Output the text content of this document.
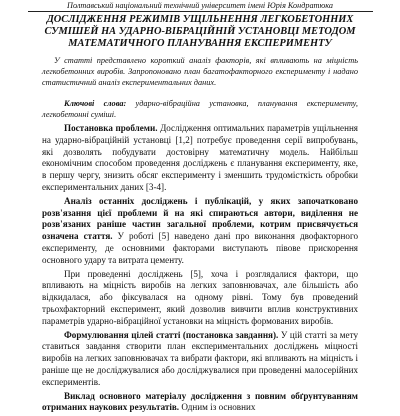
Полтавський національний технічний університет імені Юрія Кондратюка
ДОСЛІДЖЕННЯ РЕЖИМІВ УЩІЛЬНЕННЯ ЛЕГКОБЕТОННИХ СУМІШЕЙ НА УДАРНО-ВІБРАЦІЙНІЙ УСТАНОВЦІ МЕТОДОМ МАТЕМАТИЧНОГО ПЛАНУВАННЯ ЕКСПЕРИМЕНТУ
У статті представлено короткий аналіз факторів, які впливають на міцність легкобетонних виробів. Запропоновано план багатофакторного експерименту і надано статистичний аналіз експериментальних даних.
Ключові слова: ударно-вібраційна установка, планування експерименту, легкобетонні суміші.

Постановка проблеми. Дослідження оптимальних параметрів ущільнення на ударно-вібраційній установці [1,2] потребує проведення серії випробувань, які дозволять побудувати достовірну математичну модель. Найбільш економічним способом проведення досліджень є планування експерименту, яке, в першу чергу, знизить обсяг експерименту і зменшить трудомісткість обробки експериментальних даних [3-4].

Аналіз останніх досліджень і публікацій, у яких започатковано розв'язання цієї проблеми й на які спираються автори, виділення не розв'язаних раніше частин загальної проблеми, котрим присвячується означена стаття. У роботі [5] наведено дані про виконання двофакторного експерименту, де основними факторами виступають півове прискорення основного удару та витрата цементу.

При проведенні досліджень [5], хоча і розглядалися фактори, що впливають на міцність виробів на легких заповнювачах, але більшість або відкидалася, або фіксувалася на одному рівні. Тому був проведений трьохфакторний експеримент, який дозволив вивчити вплив конструктивних параметрів ударно-вібраційної установки на міцність формованих виробів.

Формулювання цілей статті (постановка завдання). У цій статті за мету ставиться завдання створити план експериментальних досліджень міцності виробів на легких заповнювачах та вибрати фактори, які впливають на міцність і раніше ще не досліджувалися або досліджувалися при проведенні малосерійних експериментів.

Виклад основного матеріалу дослідження з повним обґрунтуванням отриманих наукових результатів. Одним із основних
